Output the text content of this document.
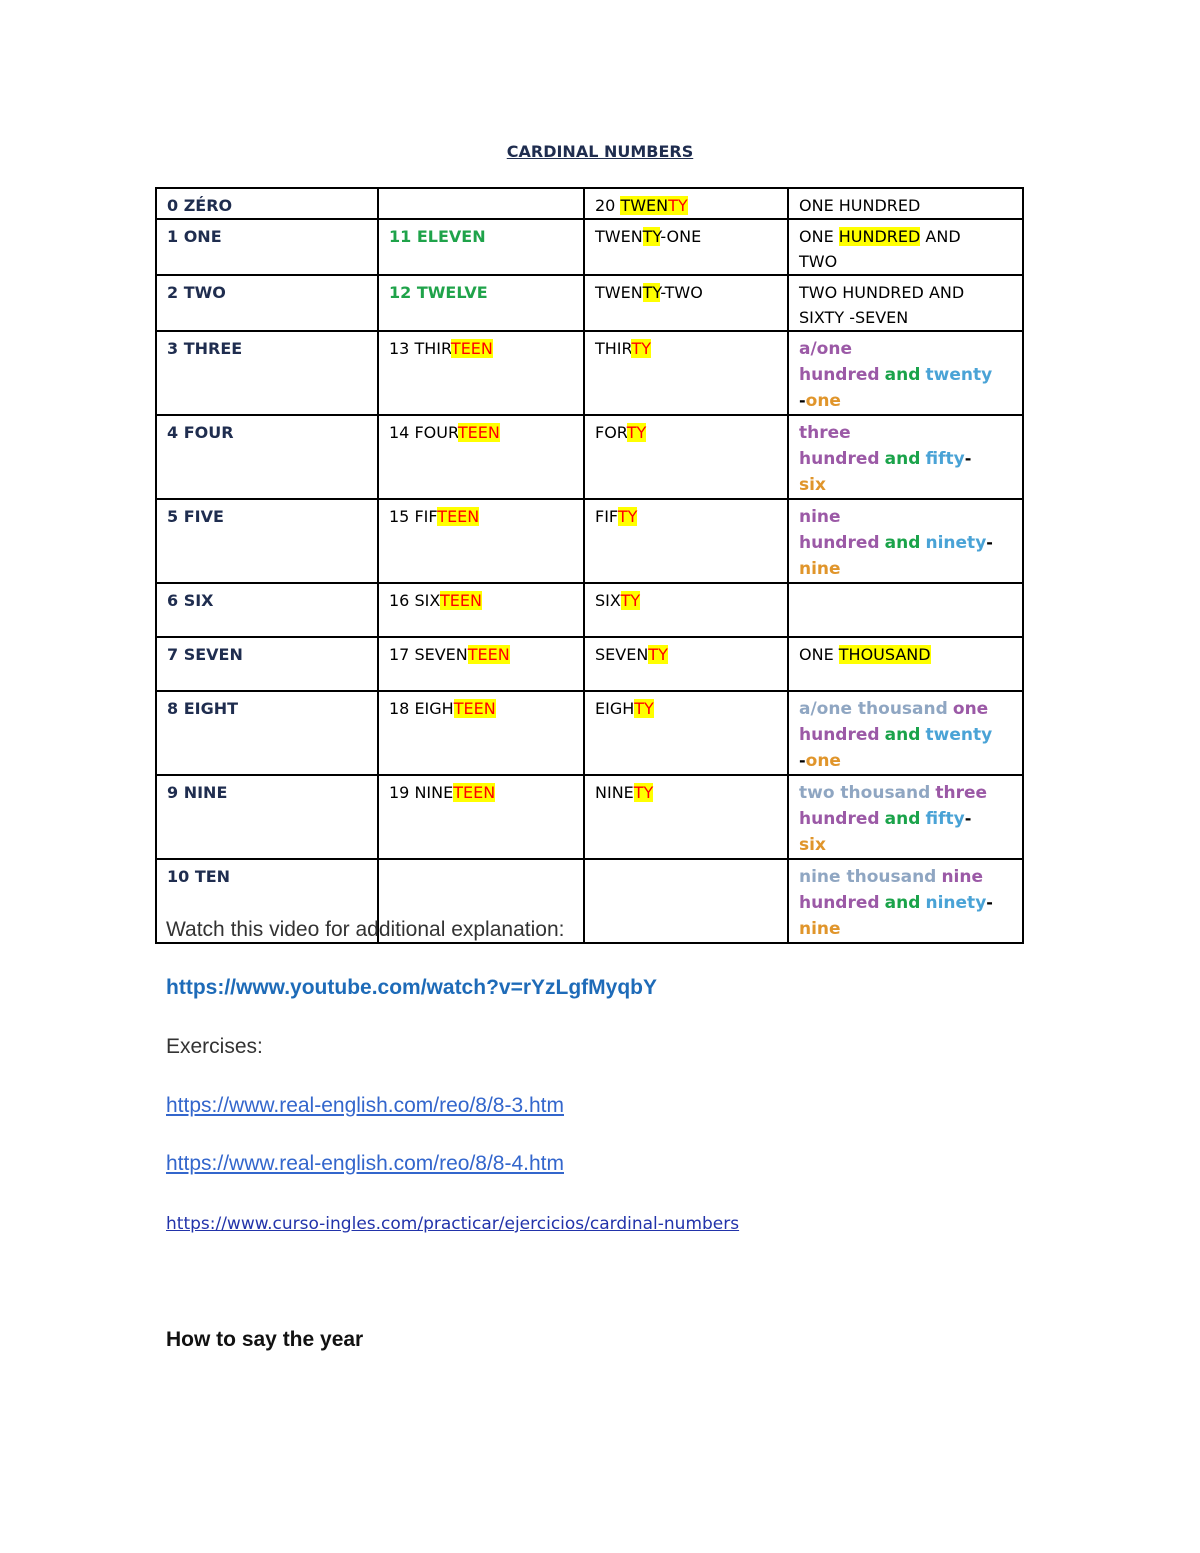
CARDINAL NUMBERS
0 ZÉRO		20 TWENTY	ONE HUNDRED
1 ONE	11 ELEVEN	TWENTY-ONE	ONE HUNDRED AND
TWO
2 TWO	12 TWELVE	TWENTY-TWO	TWO HUNDRED AND
SIXTY -SEVEN
3 THREE	13 THIRTEEN	THIRTY	a/one
hundred and twenty
-one
4 FOUR	14 FOURTEEN	FORTY	three
hundred and fifty-
six
5 FIVE	15 FIFTEEN	FIFTY	nine
hundred and ninety-
nine
6 SIX	16 SIXTEEN	SIXTY	
7 SEVEN	17 SEVENTEEN	SEVENTY	ONE THOUSAND
8 EIGHT	18 EIGHTEEN	EIGHTY	a/one thousand one
hundred and twenty
-one
9 NINE	19 NINETEEN	NINETY	two thousand three
hundred and fifty-
six
10 TEN			nine thousand nine
hundred and ninety-
nine
Watch this video for additional explanation:
https://www.youtube.com/watch?v=rYzLgfMyqbY
Exercises:
https://www.real-english.com/reo/8/8-3.htm
https://www.real-english.com/reo/8/8-4.htm
https://www.curso-ingles.com/practicar/ejercicios/cardinal-numbers
How to say the year
